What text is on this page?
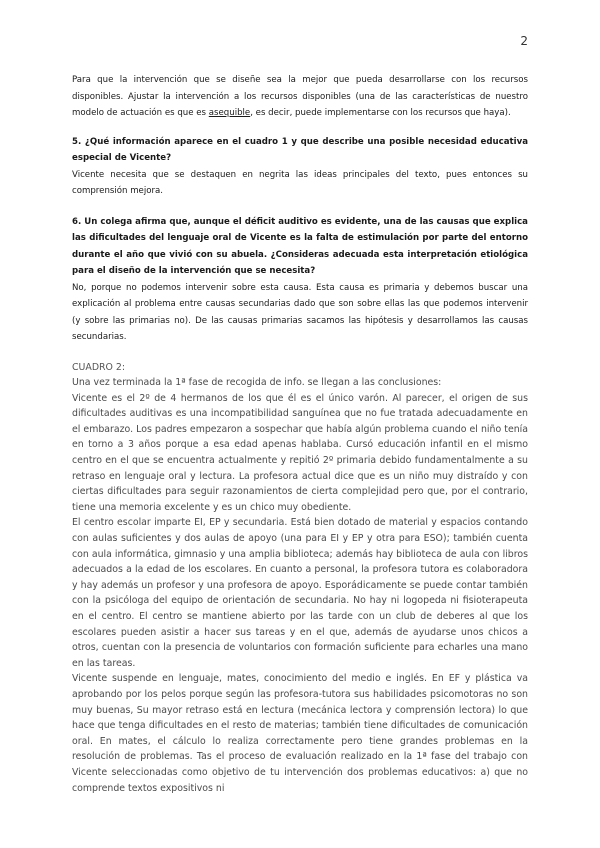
2

Para que la intervención que se diseñe sea la mejor que pueda desarrollarse con los recursos disponibles. Ajustar la intervención a los recursos disponibles (una de las características de nuestro modelo de actuación es que es asequible, es decir, puede implementarse con los recursos que haya).

5. ¿Qué información aparece en el cuadro 1 y que describe una posible necesidad educativa especial de Vicente?

Vicente necesita que se destaquen en negrita las ideas principales del texto, pues entonces su comprensión mejora.

6. Un colega afirma que, aunque el déficit auditivo es evidente, una de las causas que explica las dificultades del lenguaje oral de Vicente es la falta de estimulación por parte del entorno durante el año que vivió con su abuela. ¿Consideras adecuada esta interpretación etiológica para el diseño de la intervención que se necesita?

No, porque no podemos intervenir sobre esta causa. Esta causa es primaria y debemos buscar una explicación al problema entre causas secundarias dado que son sobre ellas las que podemos intervenir (y sobre las primarias no). De las causas primarias sacamos las hipótesis y desarrollamos las causas secundarias.

CUADRO 2:

Una vez terminada la 1ª fase de recogida de info. se llegan a las conclusiones:

Vicente es el 2º de 4 hermanos de los que él es el único varón. Al parecer, el origen de sus dificultades auditivas es una incompatibilidad sanguínea que no fue tratada adecuadamente en el embarazo. Los padres empezaron a sospechar que había algún problema cuando el niño tenía en torno a 3 años porque a esa edad apenas hablaba. Cursó educación infantil en el mismo centro en el que se encuentra actualmente y repitió 2º primaria debido fundamentalmente a su retraso en lenguaje oral y lectura. La profesora actual dice que es un niño muy distraído y con ciertas dificultades para seguir razonamientos de cierta complejidad pero que, por el contrario, tiene una memoria excelente y es un chico muy obediente.

El centro escolar imparte EI, EP y secundaria. Está bien dotado de material y espacios contando con aulas suficientes y dos aulas de apoyo (una para EI y EP y otra para ESO); también cuenta con aula informática, gimnasio y una amplia biblioteca; además hay biblioteca de aula con libros adecuados a la edad de los escolares. En cuanto a personal, la profesora tutora es colaboradora y hay además un profesor y una profesora de apoyo. Esporádicamente se puede contar también con la psicóloga del equipo de orientación de secundaria. No hay ni logopeda ni fisioterapeuta en el centro. El centro se mantiene abierto por las tarde con un club de deberes al que los escolares pueden asistir a hacer sus tareas y en el que, además de ayudarse unos chicos a otros, cuentan con la presencia de voluntarios con formación suficiente para echarles una mano en las tareas.

Vicente suspende en lenguaje, mates, conocimiento del medio e inglés. En EF y plástica va aprobando por los pelos porque según las profesora-tutora sus habilidades psicomotoras no son muy buenas, Su mayor retraso está en lectura (mecánica lectora y comprensión lectora) lo que hace que tenga dificultades en el resto de materias; también tiene dificultades de comunicación oral. En mates, el cálculo lo realiza correctamente pero tiene grandes problemas en la resolución de problemas. Tas el proceso de evaluación realizado en la 1ª fase del trabajo con Vicente seleccionadas como objetivo de tu intervención dos problemas educativos: a) que no comprende textos expositivos ni
